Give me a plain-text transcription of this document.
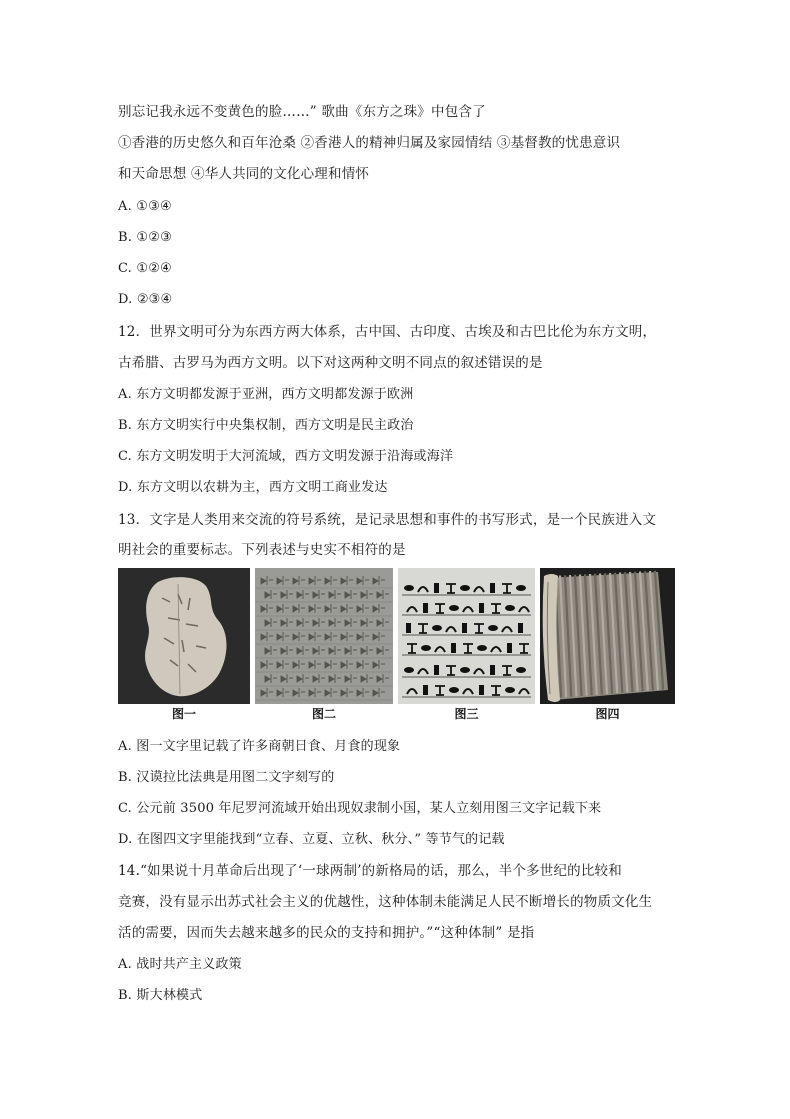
别忘记我永远不变黄色的脸……” 歌曲《东方之珠》中包含了
①香港的历史悠久和百年沧桑 ②香港人的精神归属及家园情结 ③基督教的忧患意识
和天命思想 ④华人共同的文化心理和情怀
A. ①③④
B. ①②③
C. ①②④
D. ②③④
12．世界文明可分为东西方两大体系，古中国、古印度、古埃及和古巴比伦为东方文明，
古希腊、古罗马为西方文明。以下对这两种文明不同点的叙述错误的是
A. 东方文明都发源于亚洲，西方文明都发源于欧洲
B. 东方文明实行中央集权制，西方文明是民主政治
C. 东方文明发明于大河流域，西方文明发源于沿海或海洋
D. 东方文明以农耕为主，西方文明工商业发达
13．文字是人类用来交流的符号系统，是记录思想和事件的书写形式，是一个民族进入文
明社会的重要标志。下列表述与史实不相符的是
图一	图二	图三	图四
A. 图一文字里记载了许多商朝日食、月食的现象
B. 汉谟拉比法典是用图二文字刻写的
C. 公元前 3500 年尼罗河流域开始出现奴隶制小国，某人立刻用图三文字记载下来
D. 在图四文字里能找到“立春、立夏、立秋、秋分、” 等节气的记载
14.“如果说十月革命后出现了‘一球两制’的新格局的话，那么，半个多世纪的比较和
竞赛，没有显示出苏式社会主义的优越性，这种体制未能满足人民不断增长的物质文化生
活的需要，因而失去越来越多的民众的支持和拥护。”“这种体制” 是指
A. 战时共产主义政策
B. 斯大林模式
